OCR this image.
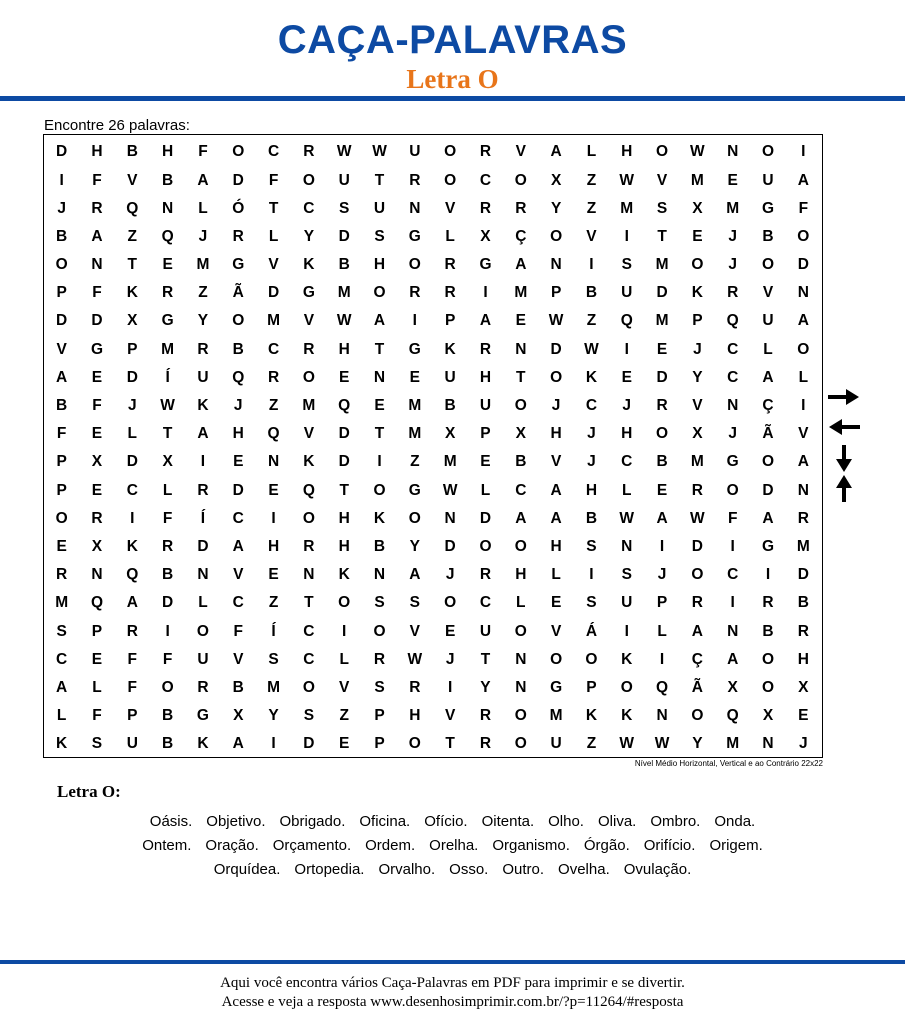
CAÇA-PALAVRAS
Letra O
Encontre 26 palavras:
D	H	B	H	F	O	C	R	W	W	U	O	R	V	A	L	H	O	W	N	O	I
I	F	V	B	A	D	F	O	U	T	R	O	C	O	X	Z	W	V	M	E	U	A
J	R	Q	N	L	Ó	T	C	S	U	N	V	R	R	Y	Z	M	S	X	M	G	F
B	A	Z	Q	J	R	L	Y	D	S	G	L	X	Ç	O	V	I	T	E	J	B	O
O	N	T	E	M	G	V	K	B	H	O	R	G	A	N	I	S	M	O	J	O	D
P	F	K	R	Z	Ã	D	G	M	O	R	R	I	M	P	B	U	D	K	R	V	N
D	D	X	G	Y	O	M	V	W	A	I	P	A	E	W	Z	Q	M	P	Q	U	A
V	G	P	M	R	B	C	R	H	T	G	K	R	N	D	W	I	E	J	C	L	O
A	E	D	Í	U	Q	R	O	E	N	E	U	H	T	O	K	E	D	Y	C	A	L
B	F	J	W	K	J	Z	M	Q	E	M	B	U	O	J	C	J	R	V	N	Ç	I
F	E	L	T	A	H	Q	V	D	T	M	X	P	X	H	J	H	O	X	J	Ã	V
P	X	D	X	I	E	N	K	D	I	Z	M	E	B	V	J	C	B	M	G	O	A
P	E	C	L	R	D	E	Q	T	O	G	W	L	C	A	H	L	E	R	O	D	N
O	R	I	F	Í	C	I	O	H	K	O	N	D	A	A	B	W	A	W	F	A	R
E	X	K	R	D	A	H	R	H	B	Y	D	O	O	H	S	N	I	D	I	G	M
R	N	Q	B	N	V	E	N	K	N	A	J	R	H	L	I	S	J	O	C	I	D
M	Q	A	D	L	C	Z	T	O	S	S	O	C	L	E	S	U	P	R	I	R	B
S	P	R	I	O	F	Í	C	I	O	V	E	U	O	V	Á	I	L	A	N	B	R
C	E	F	F	U	V	S	C	L	R	W	J	T	N	O	O	K	I	Ç	A	O	H
A	L	F	O	R	B	M	O	V	S	R	I	Y	N	G	P	O	Q	Ã	X	O	X
L	F	P	B	G	X	Y	S	Z	P	H	V	R	O	M	K	K	N	O	Q	X	E
K	S	U	B	K	A	I	D	E	P	O	T	R	O	U	Z	W	W	Y	M	N	J
Nível Médio Horizontal, Vertical e ao Contrário 22x22
Letra O:
Oásis. Objetivo. Obrigado. Oficina. Ofício. Oitenta. Olho. Oliva. Ombro. Onda.
Ontem. Oração. Orçamento. Ordem. Orelha. Organismo. Órgão. Orifício. Origem.
Orquídea. Ortopedia. Orvalho. Osso. Outro. Ovelha. Ovulação.
Aqui você encontra vários Caça-Palavras em PDF para imprimir e se divertir.
Acesse e veja a resposta www.desenhosimprimir.com.br/?p=11264/#resposta
